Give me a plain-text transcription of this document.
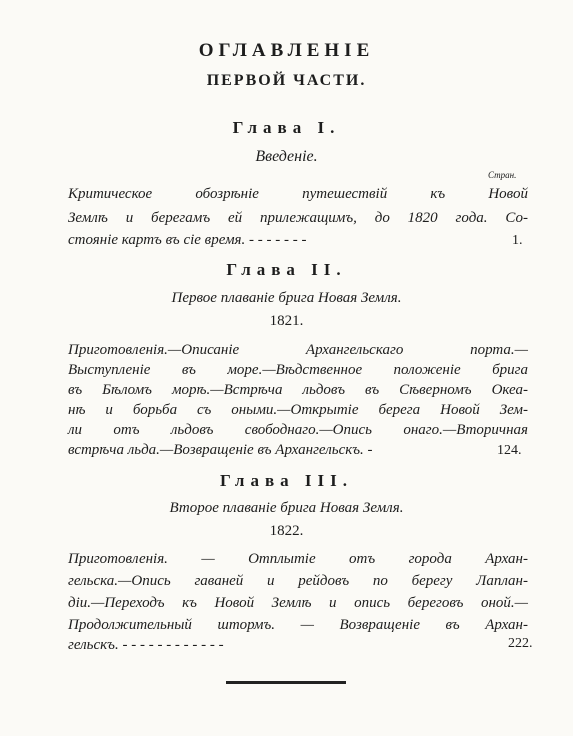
ОГЛАВЛЕНІЕ
ПЕРВОЙ ЧАСТИ.
Глава I.
Введеніе.
Стран.
Критическое обозрѣніе путешествій къ Новой
Землѣ и берегамъ ей прилежащимъ, до 1820 года. Со-
стояніе картъ въ сіе время. - - - - - - -	1.
Глава II.
Первое плаваніе брига Новая Земля.
1821.
Приготовленія.—Описаніе Архангельскаго порта.—
Выступленіе въ море.—Вѣдственное положеніе брига
въ Бѣломъ морѣ.—Встрѣча льдовъ въ Сѣверномъ Океа-
нѣ и борьба съ оными.—Открытіе берега Новой Зем-
ли отъ льдовъ свободнаго.—Опись онаго.—Вторичная
встрѣча льда.—Возвращеніе въ Архангельскъ. -	124.
Глава III.
Второе плаваніе брига Новая Земля.
1822.
Приготовленія. — Отплытіе отъ города Архан-
гельска.—Опись гаваней и рейдовъ по берегу Лаплан-
діи.—Переходъ къ Новой Землѣ и опись береговъ оной.—
Продолжительный штормъ. — Возвращеніе въ Архан-
гельскъ. - - - - - - - - - - - -	222.
